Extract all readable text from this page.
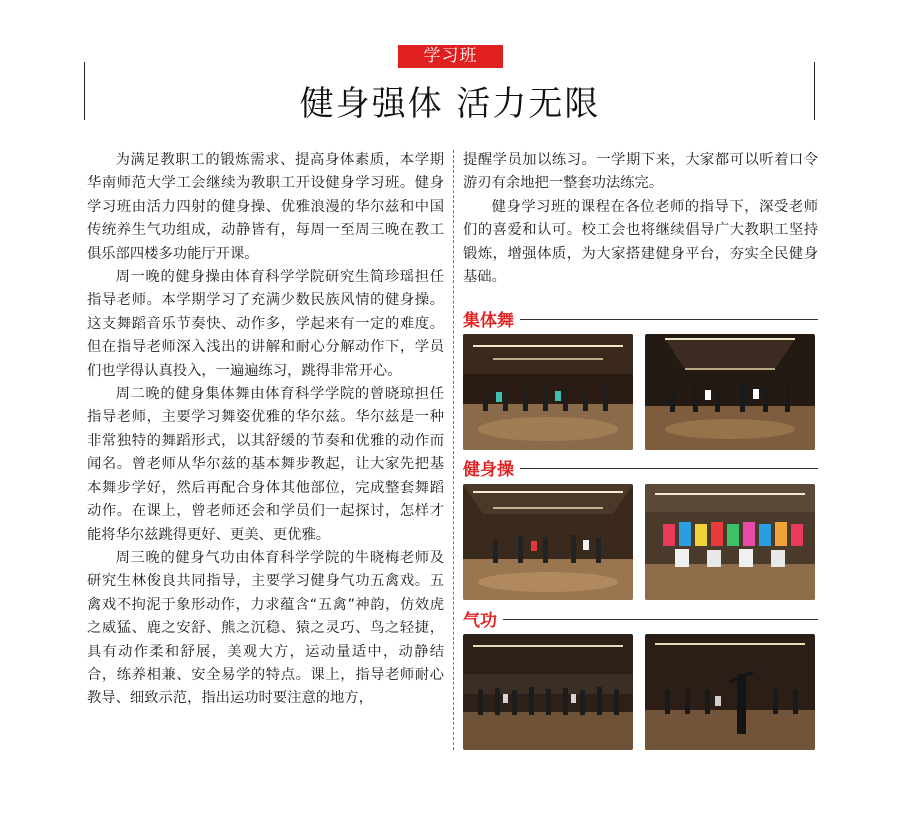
学习班
健身强体 活力无限

为满足教职工的锻炼需求、提高身体素质，本学期华南师范大学工会继续为教职工开设健身学习班。健身学习班由活力四射的健身操、优雅浪漫的华尔兹和中国传统养生气功组成，动静皆有，每周一至周三晚在教工俱乐部四楼多功能厅开课。

周一晚的健身操由体育科学学院研究生简珍瑶担任指导老师。本学期学习了充满少数民族风情的健身操。这支舞蹈音乐节奏快、动作多，学起来有一定的难度。但在指导老师深入浅出的讲解和耐心分解动作下，学员们也学得认真投入，一遍遍练习，跳得非常开心。

周二晚的健身集体舞由体育科学学院的曾晓琼担任指导老师，主要学习舞姿优雅的华尔兹。华尔兹是一种非常独特的舞蹈形式，以其舒缓的节奏和优雅的动作而闻名。曾老师从华尔兹的基本舞步教起，让大家先把基本舞步学好，然后再配合身体其他部位，完成整套舞蹈动作。在课上，曾老师还会和学员们一起探讨，怎样才能将华尔兹跳得更好、更美、更优雅。

周三晚的健身气功由体育科学学院的牛晓梅老师及研究生林俊良共同指导，主要学习健身气功五禽戏。五禽戏不拘泥于象形动作，力求蕴含“五禽”神韵，仿效虎之威猛、鹿之安舒、熊之沉稳、猿之灵巧、鸟之轻捷，具有动作柔和舒展，美观大方，运动量适中，动静结合，练养相兼、安全易学的特点。课上，指导老师耐心教导、细致示范，指出运功时要注意的地方，

提醒学员加以练习。一学期下来，大家都可以听着口令游刃有余地把一整套功法练完。

健身学习班的课程在各位老师的指导下，深受老师们的喜爱和认可。校工会也将继续倡导广大教职工坚持锻炼，增强体质，为大家搭建健身平台，夯实全民健身基础。

集体舞
健身操
气功
